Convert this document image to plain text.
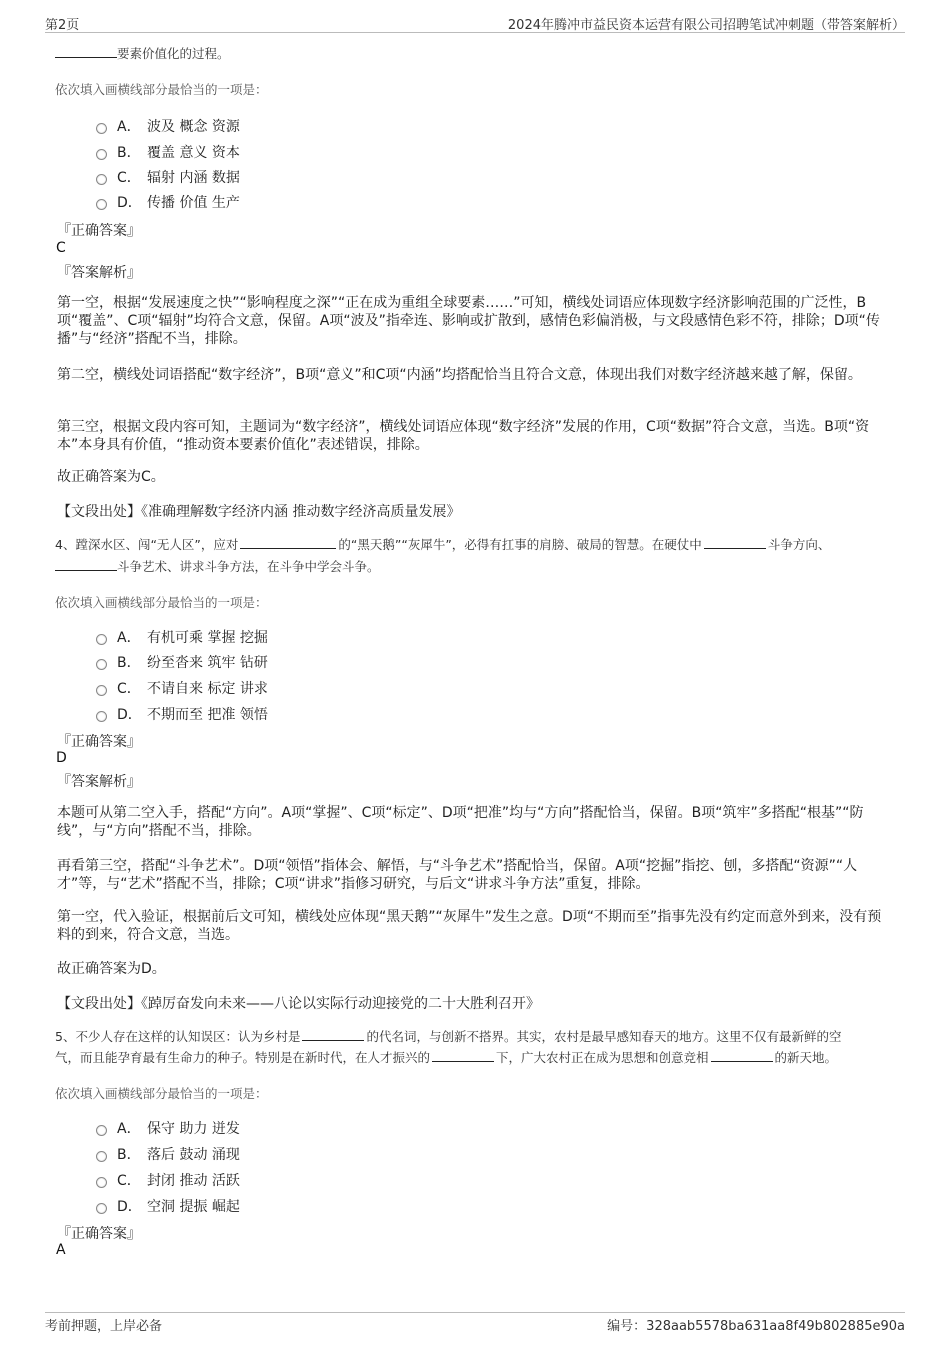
第2页	2024年腾冲市益民资本运营有限公司招聘笔试冲刺题（带答案解析）
要素价值化的过程。
依次填入画横线部分最恰当的一项是：
A． 波及 概念 资源
B． 覆盖 意义 资本
C． 辐射 内涵 数据
D． 传播 价值 生产
『正确答案』
C
『答案解析』
第一空，根据“发展速度之快”“影响程度之深”“正在成为重组全球要素……”可知，横线处词语应体现数字经济影响范围的广泛性，B项“覆盖”、C项“辐射”均符合文意，保留。A项“波及”指牵连、影响或扩散到，感情色彩偏消极，与文段感情色彩不符，排除；D项“传播”与“经济”搭配不当，排除。
第二空，横线处词语搭配“数字经济”，B项“意义”和C项“内涵”均搭配恰当且符合文意，体现出我们对数字经济越来越了解，保留。
第三空，根据文段内容可知，主题词为“数字经济”，横线处词语应体现“数字经济”发展的作用，C项“数据”符合文意，当选。B项“资本”本身具有价值，“推动资本要素价值化”表述错误，排除。
故正确答案为C。
【文段出处】《准确理解数字经济内涵 推动数字经济高质量发展》
4、蹚深水区、闯“无人区”，应对	的“黑天鹅”“灰犀牛”，必得有扛事的肩膀、破局的智慧。在硬仗中	斗争方向、
斗争艺术、讲求斗争方法，在斗争中学会斗争。
依次填入画横线部分最恰当的一项是：
A． 有机可乘 掌握 挖掘
B． 纷至沓来 筑牢 钻研
C． 不请自来 标定 讲求
D． 不期而至 把准 领悟
『正确答案』
D
『答案解析』
本题可从第二空入手，搭配“方向”。A项“掌握”、C项“标定”、D项“把准”均与“方向”搭配恰当，保留。B项“筑牢”多搭配“根基”“防线”，与“方向”搭配不当，排除。
再看第三空，搭配“斗争艺术”。D项“领悟”指体会、解悟，与“斗争艺术”搭配恰当，保留。A项“挖掘”指挖、刨，多搭配“资源”“人才”等，与“艺术”搭配不当，排除；C项“讲求”指修习研究，与后文“讲求斗争方法”重复，排除。
第一空，代入验证，根据前后文可知，横线处应体现“黑天鹅”“灰犀牛”发生之意。D项“不期而至”指事先没有约定而意外到来，没有预料的到来，符合文意，当选。
故正确答案为D。
【文段出处】《踔厉奋发向未来——八论以实际行动迎接党的二十大胜利召开》
5、不少人存在这样的认知误区：认为乡村是	的代名词，与创新不搭界。其实，农村是最早感知春天的地方。这里不仅有最新鲜的空
气，而且能孕育最有生命力的种子。特别是在新时代，在人才振兴的	下，广大农村正在成为思想和创意竞相	的新天地。
依次填入画横线部分最恰当的一项是：
A． 保守 助力 迸发
B． 落后 鼓动 涌现
C． 封闭 推动 活跃
D． 空洞 提振 崛起
『正确答案』
A
考前押题，上岸必备	编号：328aab5578ba631aa8f49b802885e90a
